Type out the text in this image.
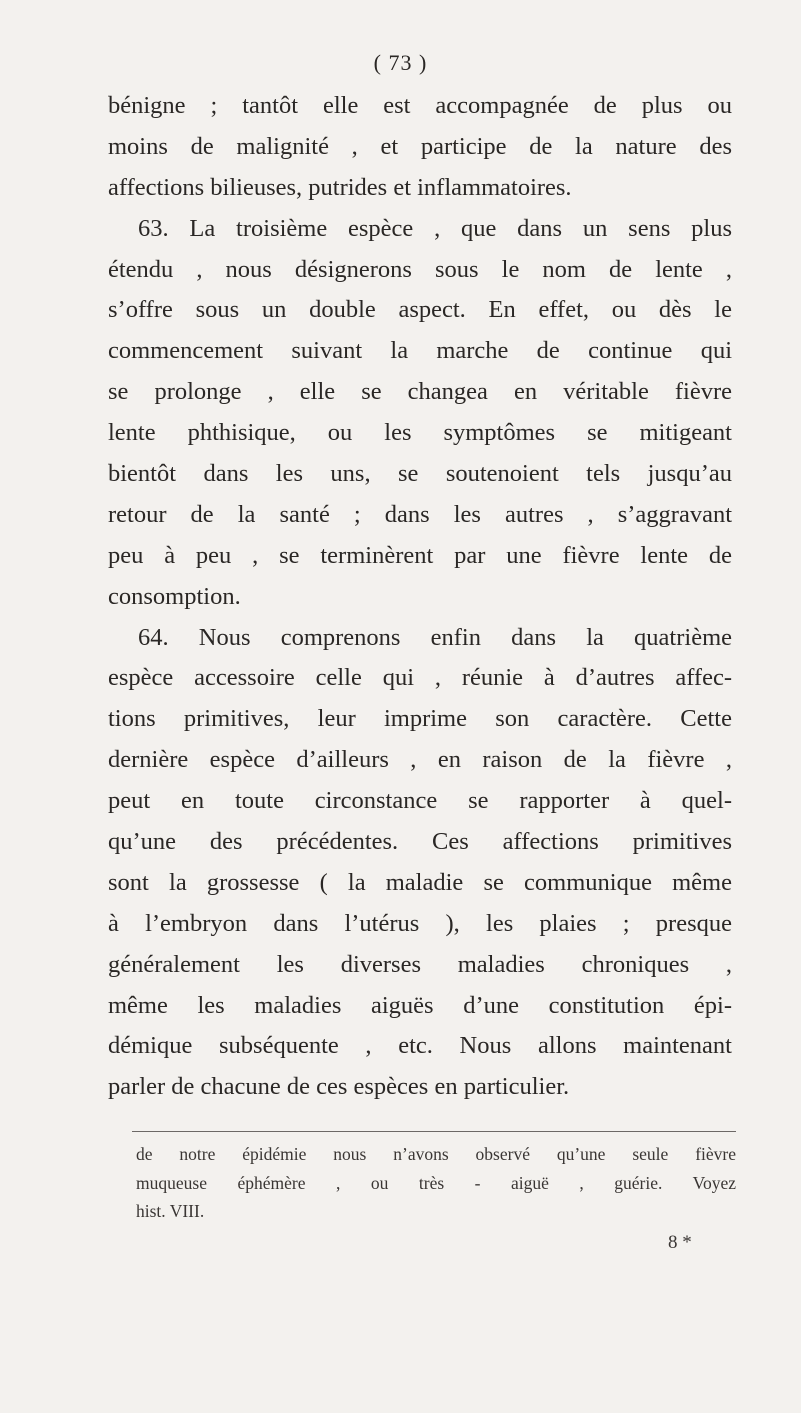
( 73 )
bénigne ; tantôt elle est accompagnée de plus ou
moins de malignité , et participe de la nature des
affections bilieuses, putrides et inflammatoires.
63. La troisième espèce , que dans un sens plus
étendu , nous désignerons sous le nom de lente ,
s’offre sous un double aspect. En effet, ou dès le
commencement suivant la marche de continue qui
se prolonge , elle se changea en véritable fièvre
lente phthisique, ou les symptômes se mitigeant
bientôt dans les uns, se soutenoient tels jusqu’au
retour de la santé ; dans les autres , s’aggravant
peu à peu , se terminèrent par une fièvre lente de
consomption.
64. Nous comprenons enfin dans la quatrième
espèce accessoire celle qui , réunie à d’autres affec-
tions primitives, leur imprime son caractère. Cette
dernière espèce d’ailleurs , en raison de la fièvre ,
peut en toute circonstance se rapporter à quel-
qu’une des précédentes. Ces affections primitives
sont la grossesse ( la maladie se communique même
à l’embryon dans l’utérus ), les plaies ; presque
généralement les diverses maladies chroniques ,
même les maladies aiguës d’une constitution épi-
démique subséquente , etc. Nous allons maintenant
parler de chacune de ces espèces en particulier.
de notre épidémie nous n’avons observé qu’une seule fièvre
muqueuse éphémère , ou très - aiguë , guérie. Voyez
hist. VIII.
8 *
